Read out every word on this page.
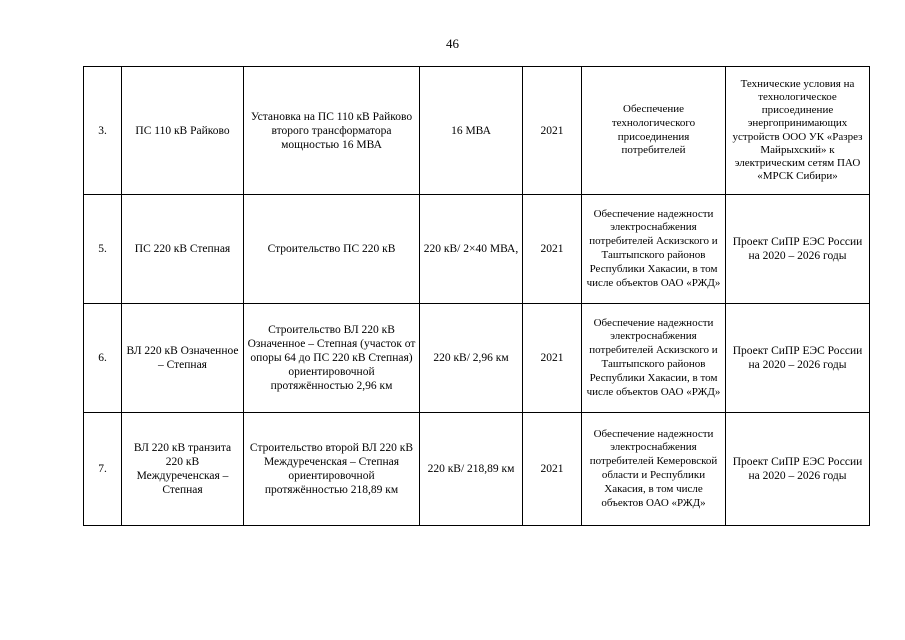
46
3.	ПС 110 кВ Райково	Установка на ПС 110 кВ Райково второго трансформатора мощностью 16 МВА	16 МВА	2021	Обеспечение технологического присоединения потребителей	Технические условия на технологическое присоединение энергопринимающих устройств ООО УК «Разрез Майрыхский» к электрическим сетям ПАО «МРСК Сибири»
5.	ПС 220 кВ Степная	Строительство ПС 220 кВ	220 кВ/ 2×40 МВА,	2021	Обеспечение надежности электроснабжения потребителей Аскизского и Таштыпского районов Республики Хакасии, в том числе объектов ОАО «РЖД»	Проект СиПР ЕЭС России на 2020 – 2026 годы
6.	ВЛ 220 кВ Означенное – Степная	Строительство ВЛ 220 кВ Означенное – Степная (участок от опоры 64 до ПС 220 кВ Степная) ориентировочной протяжённостью 2,96 км	220 кВ/ 2,96 км	2021	Обеспечение надежности электроснабжения потребителей Аскизского и Таштыпского районов Республики Хакасии, в том числе объектов ОАО «РЖД»	Проект СиПР ЕЭС России на 2020 – 2026 годы
7.	ВЛ 220 кВ транзита 220 кВ Междуреченская – Степная	Строительство второй ВЛ 220 кВ Междуреченская – Степная ориентировочной протяжённостью 218,89 км	220 кВ/ 218,89 км	2021	Обеспечение надежности электроснабжения потребителей Кемеровской области и Республики Хакасия, в том числе объектов ОАО «РЖД»	Проект СиПР ЕЭС России на 2020 – 2026 годы
